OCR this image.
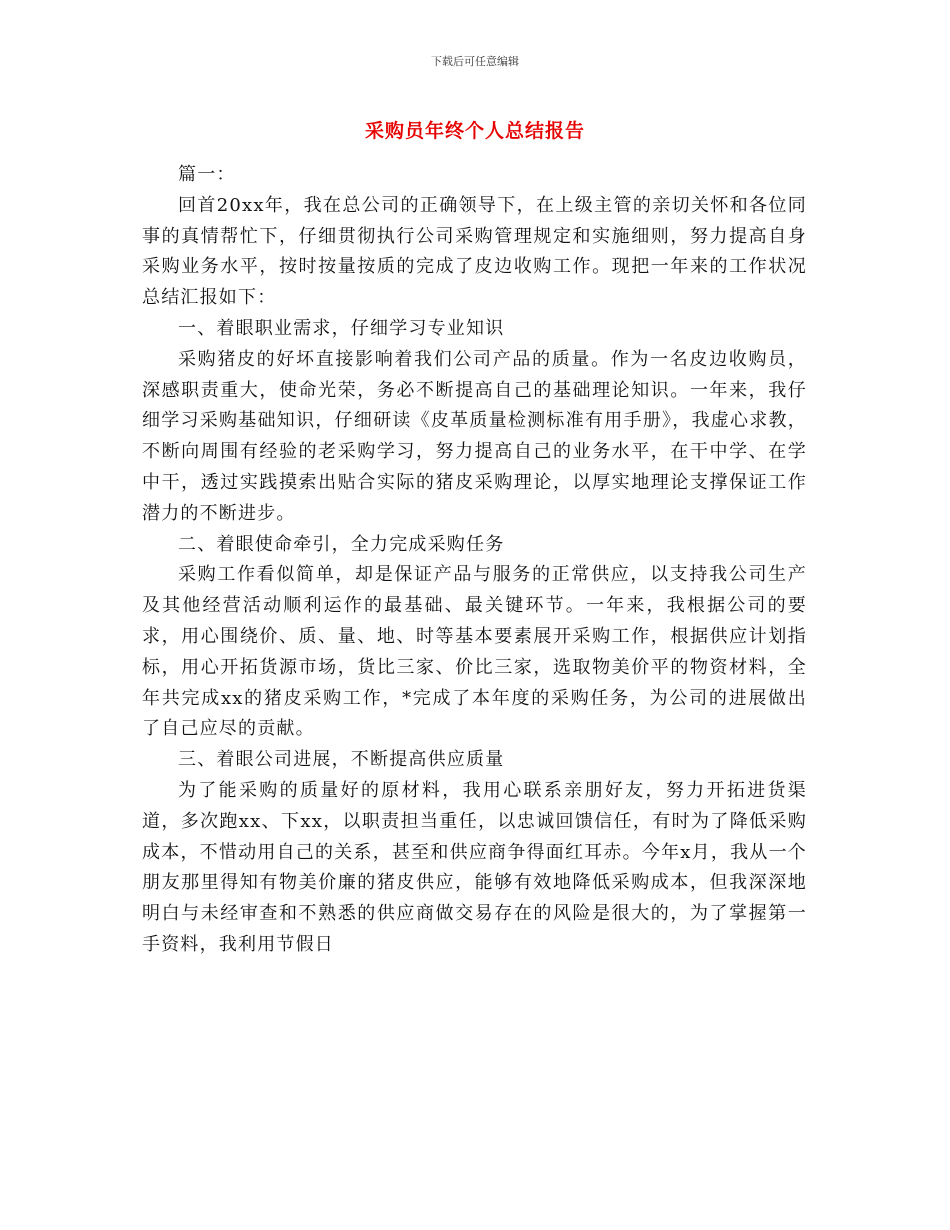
下载后可任意编辑
采购员年终个人总结报告

篇一：

回首20xx年，我在总公司的正确领导下，在上级主管的亲切关怀和各位同事的真情帮忙下，仔细贯彻执行公司采购管理规定和实施细则，努力提高自身采购业务水平，按时按量按质的完成了皮边收购工作。现把一年来的工作状况总结汇报如下：

一、着眼职业需求，仔细学习专业知识

采购猪皮的好坏直接影响着我们公司产品的质量。作为一名皮边收购员，深感职责重大，使命光荣，务必不断提高自己的基础理论知识。一年来，我仔细学习采购基础知识，仔细研读《皮革质量检测标准有用手册》，我虚心求教，不断向周围有经验的老采购学习，努力提高自己的业务水平，在干中学、在学中干，透过实践摸索出贴合实际的猪皮采购理论，以厚实地理论支撑保证工作潜力的不断进步。

二、着眼使命牵引，全力完成采购任务

采购工作看似简单，却是保证产品与服务的正常供应，以支持我公司生产及其他经营活动顺利运作的最基础、最关键环节。一年来，我根据公司的要求，用心围绕价、质、量、地、时等基本要素展开采购工作，根据供应计划指标，用心开拓货源市场，货比三家、价比三家，选取物美价平的物资材料，全年共完成xx的猪皮采购工作，*完成了本年度的采购任务，为公司的进展做出了自己应尽的贡献。

三、着眼公司进展，不断提高供应质量

为了能采购的质量好的原材料，我用心联系亲朋好友，努力开拓进货渠道，多次跑xx、下xx，以职责担当重任，以忠诚回馈信任，有时为了降低采购成本，不惜动用自己的关系，甚至和供应商争得面红耳赤。今年x月，我从一个朋友那里得知有物美价廉的猪皮供应，能够有效地降低采购成本，但我深深地明白与未经审查和不熟悉的供应商做交易存在的风险是很大的，为了掌握第一手资料，我利用节假日
